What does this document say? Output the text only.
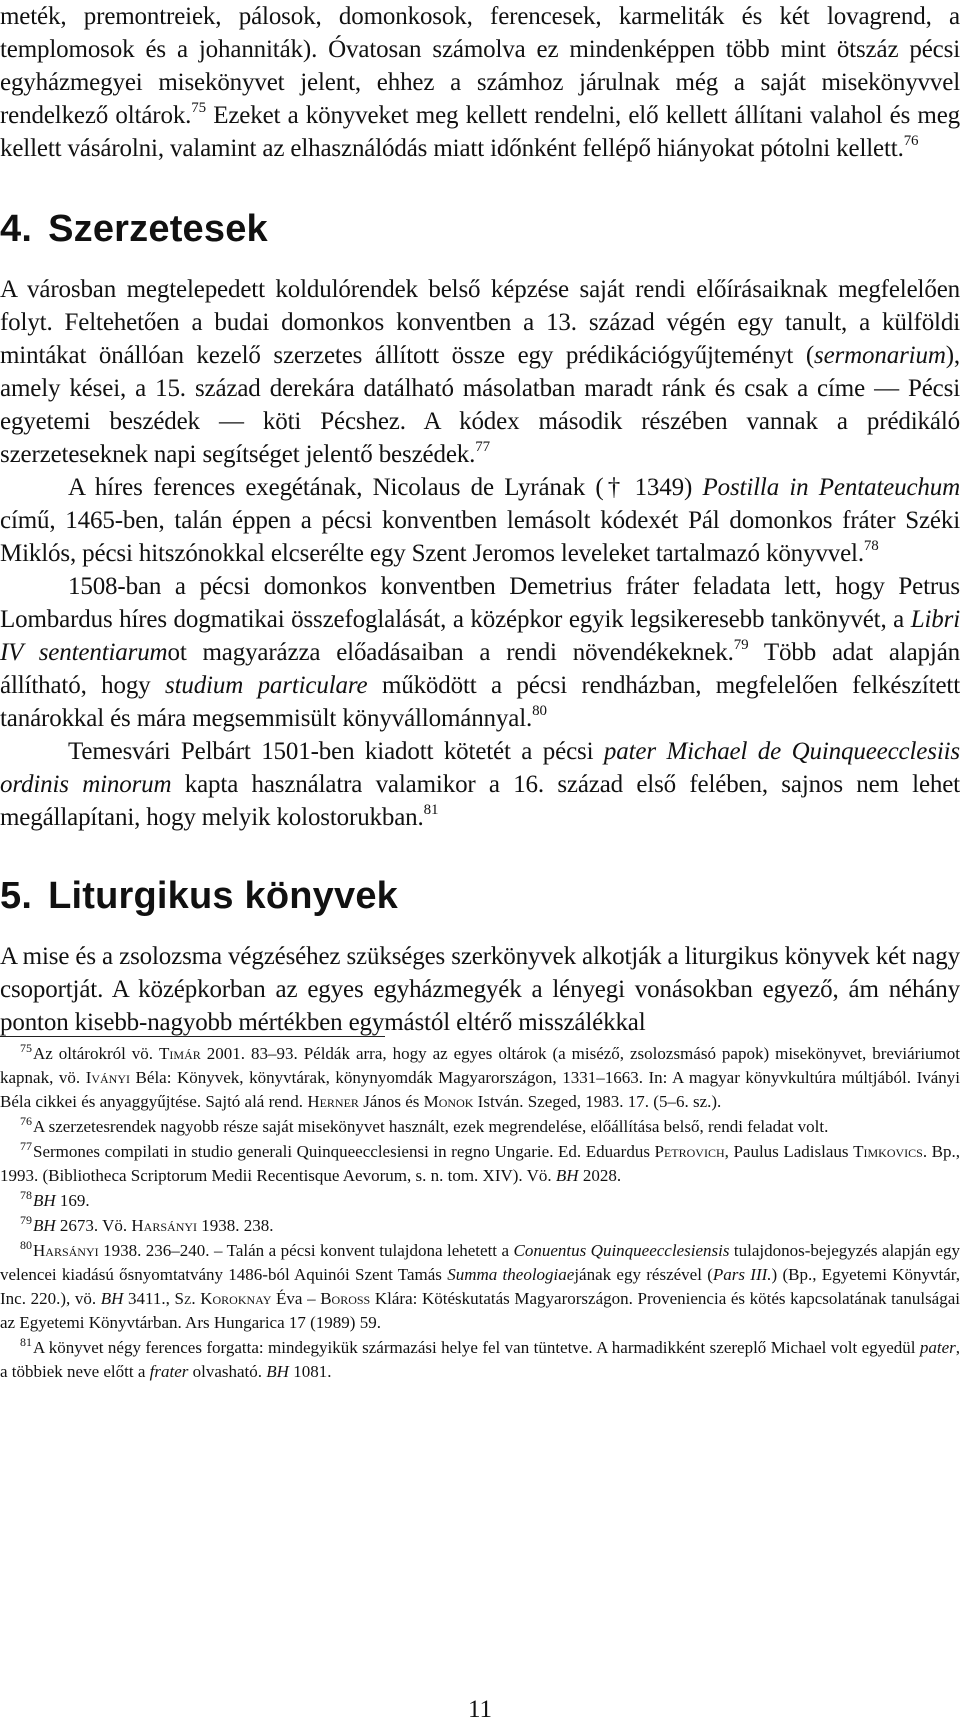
meték, premontreiek, pálosok, domonkosok, ferencesek, karmeliták és két lovagrend, a templomosok és a johanniták). Óvatosan számolva ez mindenképpen több mint ötszáz pécsi egyházmegyei misekönyvet jelent, ehhez a számhoz járulnak még a saját misekönyvvel rendelkező oltárok.$^{75}$ Ezeket a könyveket meg kellett rendelni, elő kellett állítani valahol és meg kellett vásárolni, valamint az elhasználódás miatt időnként fellépő hiányokat pótolni kellett.$^{76}$

4. Szerzetesek

A városban megtelepedett koldulórendek belső képzése saját rendi előírásaiknak megfelelően folyt. Feltehetően a budai domonkos konventben a 13. század végén egy tanult, a külföldi mintákat önállóan kezelő szerzetes állított össze egy prédikációgyűjteményt (sermonarium), amely kései, a 15. század derekára datálható másolatban maradt ránk és csak a címe — Pécsi egyetemi beszédek — köti Pécshez. A kódex második részében vannak a prédikáló szerzeteseknek napi segítséget jelentő beszédek.$^{77}$

A híres ferences exegétának, Nicolaus de Lyrának († 1349) Postilla in Pentateuchum című, 1465-ben, talán éppen a pécsi konventben lemásolt kódexét Pál domonkos fráter Széki Miklós, pécsi hitszónokkal elcserélte egy Szent Jeromos leveleket tartalmazó könyvvel.$^{78}$

1508-ban a pécsi domonkos konventben Demetrius fráter feladata lett, hogy Petrus Lombardus híres dogmatikai összefoglalását, a középkor egyik legsikeresebb tankönyvét, a Libri IV sententiarumot magyarázza előadásaiban a rendi növendékeknek.$^{79}$ Több adat alapján állítható, hogy studium particulare működött a pécsi rendházban, megfelelően felkészített tanárokkal és mára megsemmisült könyvállománnyal.$^{80}$

Temesvári Pelbárt 1501-ben kiadott kötetét a pécsi pater Michael de Quinqueecclesiis ordinis minorum kapta használatra valamikor a 16. század első felében, sajnos nem lehet megállapítani, hogy melyik kolostorukban.$^{81}$

5. Liturgikus könyvek

A mise és a zsolozsma végzéséhez szükséges szerkönyvek alkotják a liturgikus könyvek két nagy csoportját. A középkorban az egyes egyházmegyék a lényegi vonásokban egyező, ám néhány ponton kisebb-nagyobb mértékben egymástól eltérő misszálékkal

$^{75}$Az oltárokról vö. Timár 2001. 83–93. Példák arra, hogy az egyes oltárok (a miséző, zsolozsmásó papok) misekönyvet, breviáriumot kapnak, vö. Iványi Béla: Könyvek, könyvtárak, könynyomdák Magyarországon, 1331–1663. In: A magyar könyvkultúra múltjából. Iványi Béla cikkei és anyaggyűjtése. Sajtó alá rend. Herner János és Monok István. Szeged, 1983. 17. (5–6. sz.).

$^{76}$A szerzetesrendek nagyobb része saját misekönyvet használt, ezek megrendelése, előállítása belső, rendi feladat volt.

$^{77}$Sermones compilati in studio generali Quinqueecclesiensi in regno Ungarie. Ed. Eduardus Petrovich, Paulus Ladislaus Timkovics. Bp., 1993. (Bibliotheca Scriptorum Medii Recentisque Aevorum, s. n. tom. XIV). Vö. BH 2028.

$^{78}$BH 169.

$^{79}$BH 2673. Vö. Harsányi 1938. 238.

$^{80}$Harsányi 1938. 236–240. – Talán a pécsi konvent tulajdona lehetett a Conuentus Quinqueecclesiensis tulajdonos-bejegyzés alapján egy velencei kiadású ősnyomtatvány 1486-ból Aquinói Szent Tamás Summa theologiaejának egy részével (Pars III.) (Bp., Egyetemi Könyvtár, Inc. 220.), vö. BH 3411., Sz. Koroknay Éva – Boross Klára: Kötéskutatás Magyarországon. Proveniencia és kötés kapcsolatának tanulságai az Egyetemi Könyvtárban. Ars Hungarica 17 (1989) 59.

$^{81}$A könyvet négy ferences forgatta: mindegyikük származási helye fel van tüntetve. A harmadikként szereplő Michael volt egyedül pater, a többiek neve előtt a frater olvasható. BH 1081.

11
